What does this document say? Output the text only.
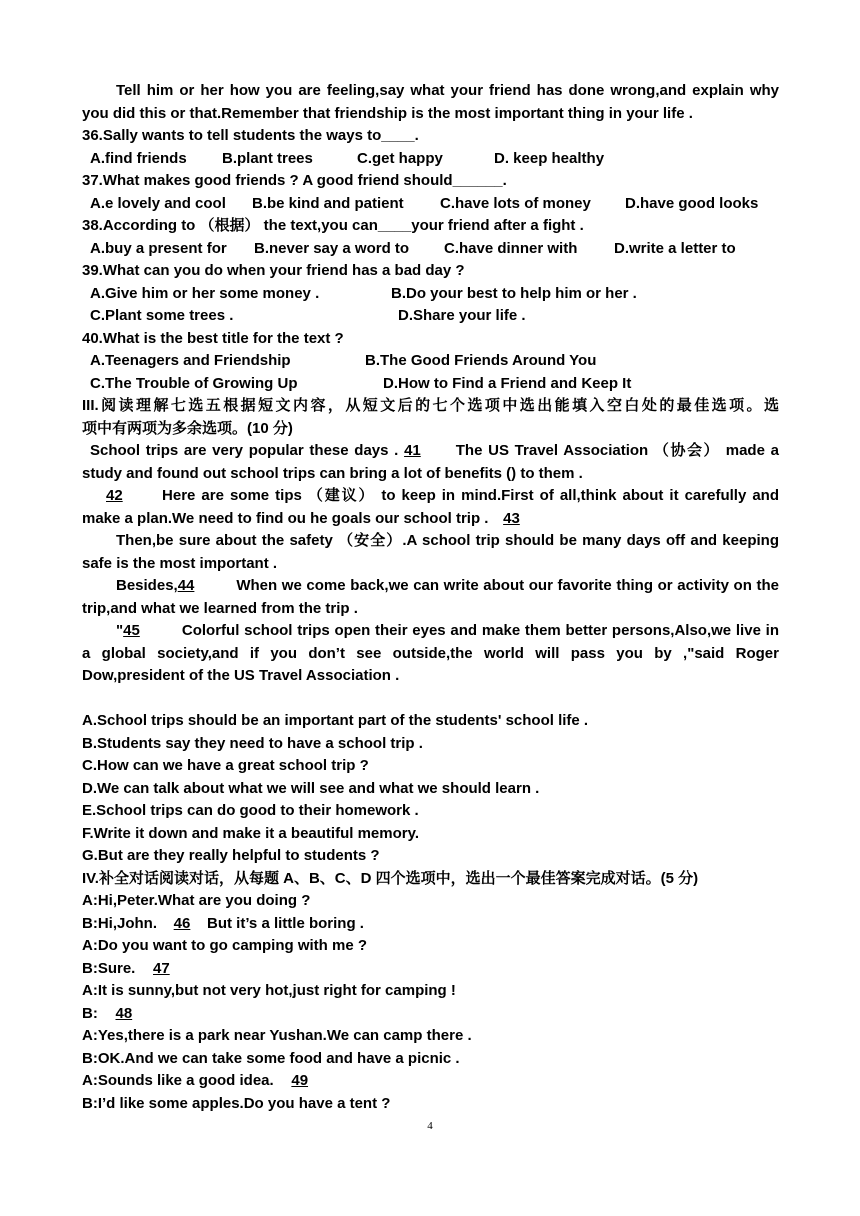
Tell him or her how you are feeling,say what your friend has done wrong,and explain why
you did this or that.Remember that friendship is the most important thing in your life .
36.Sally wants to tell students the ways to____.
A.find friends B.plant trees	C.get happy	D. keep healthy
37.What makes good friends ? A good friend should______.
A.e lovely and cool B.be kind and patient C.have lots of money D.have good looks
38.According to （根据） the text,you can____your friend after a fight .
A.buy a present for B.never say a word to C.have dinner with D.write a letter to
39.What can you do when your friend has a bad day ?
A.Give him or her some money .	B.Do your best to help him or her .
C.Plant some trees .	D.Share your life .
40.What is the best title for the text ?
A.Teenagers and Friendship	B.The Good Friends Around You
C.The Trouble of Growing Up	D.How to Find a Friend and Keep It
III.阅读理解七选五根据短文内容，从短文后的七个选项中选出能填入空白处的最佳选项。选
项中有两项为多余选项。(10 分)
School trips are very popular these days . 41 The US Travel Association （协会） made a
study and found out school trips can bring a lot of benefits () to them .
42	Here are some tips （建议） to keep in mind.First of all,think about it carefully and
make a plan.We need to find ou he goals our school trip . 43
Then,be sure about the safety （安全）.A school trip should be many days off and keeping
safe is the most important .
Besides,44	When we come back,we can write about our favorite thing or activity on the
trip,and what we learned from the trip .
"45	Colorful school trips open their eyes and make them better persons,Also,we live in
a global society,and if you don’t see outside,the world will pass you by ,"said Roger
Dow,president of the US Travel Association .
A.School trips should be an important part of the students' school life .
B.Students say they need to have a school trip .
C.How can we have a great school trip ?
D.We can talk about what we will see and what we should learn .
E.School trips can do good to their homework .
F.Write it down and make it a beautiful memory.
G.But are they really helpful to students ?
IV.补全对话阅读对话，从每题 A、B、C、D 四个选项中，选出一个最佳答案完成对话。(5 分)
A:Hi,Peter.What are you doing ?
B:Hi,John. 46 But it’s a little boring .
A:Do you want to go camping with me ?
B:Sure. 47
A:It is sunny,but not very hot,just right for camping !
B: 48
A:Yes,there is a park near Yushan.We can camp there .
B:OK.And we can take some food and have a picnic .
A:Sounds like a good idea. 49
B:I’d like some apples.Do you have a tent ?
4
